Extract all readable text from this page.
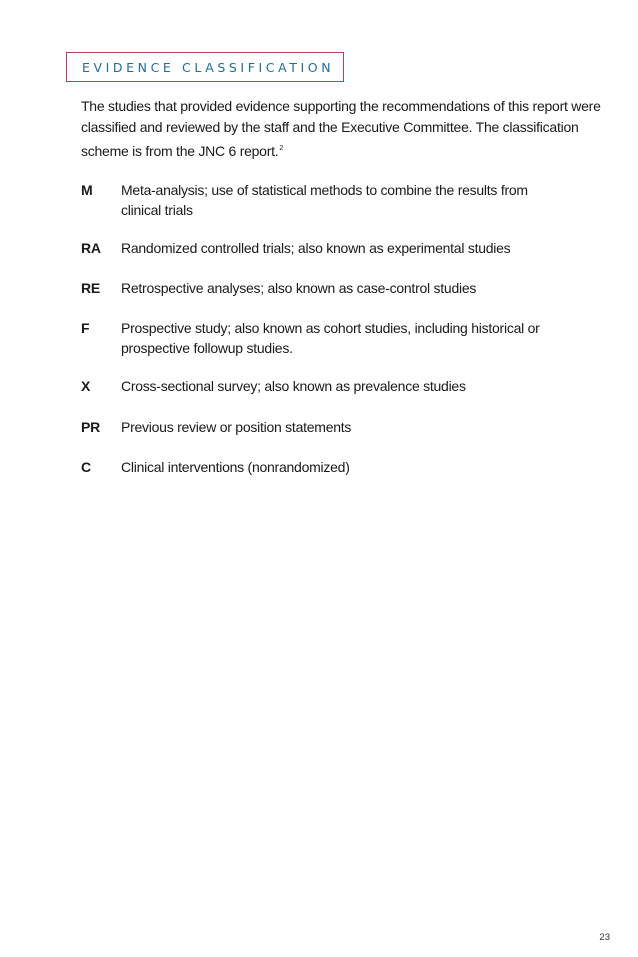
EVIDENCE CLASSIFICATION

The studies that provided evidence supporting the recommendations of this report were classified and reviewed by the staff and the Executive Committee. The classification scheme is from the JNC 6 report.$^2$

M	Meta-analysis; use of statistical methods to combine the results from clinical trials
RA	Randomized controlled trials; also known as experimental studies
RE	Retrospective analyses; also known as case-control studies
F	Prospective study; also known as cohort studies, including historical or prospective followup studies.
X	Cross-sectional survey; also known as prevalence studies
PR	Previous review or position statements
C	Clinical interventions (nonrandomized)
23
